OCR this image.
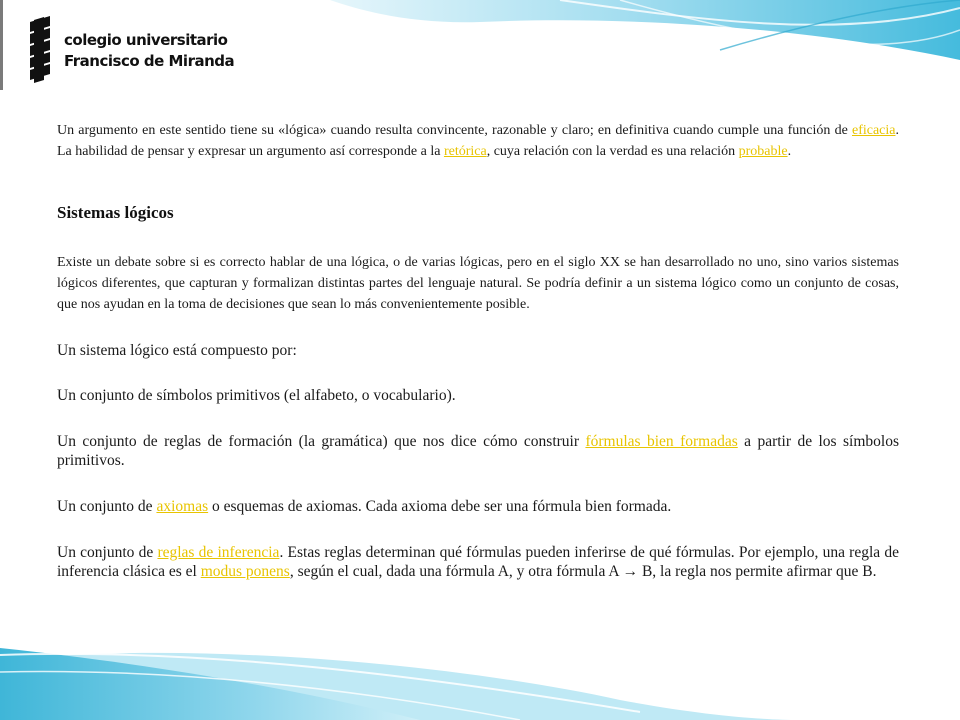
colegio universitario
Francisco de Miranda

Un argumento en este sentido tiene su «lógica» cuando resulta convincente, razonable y claro; en definitiva cuando cumple una función de eficacia. La habilidad de pensar y expresar un argumento así corresponde a la retórica, cuya relación con la verdad es una relación probable.

Sistemas lógicos

Existe un debate sobre si es correcto hablar de una lógica, o de varias lógicas, pero en el siglo XX se han desarrollado no uno, sino varios sistemas lógicos diferentes, que capturan y formalizan distintas partes del lenguaje natural. Se podría definir a un sistema lógico como un conjunto de cosas, que nos ayudan en la toma de decisiones que sean lo más convenientemente posible.

Un sistema lógico está compuesto por:

Un conjunto de símbolos primitivos (el alfabeto, o vocabulario).

Un conjunto de reglas de formación (la gramática) que nos dice cómo construir fórmulas bien formadas a partir de los símbolos primitivos.

Un conjunto de axiomas o esquemas de axiomas. Cada axioma debe ser una fórmula bien formada.

Un conjunto de reglas de inferencia. Estas reglas determinan qué fórmulas pueden inferirse de qué fórmulas. Por ejemplo, una regla de inferencia clásica es el modus ponens, según el cual, dada una fórmula A, y otra fórmula A → B, la regla nos permite afirmar que B.
